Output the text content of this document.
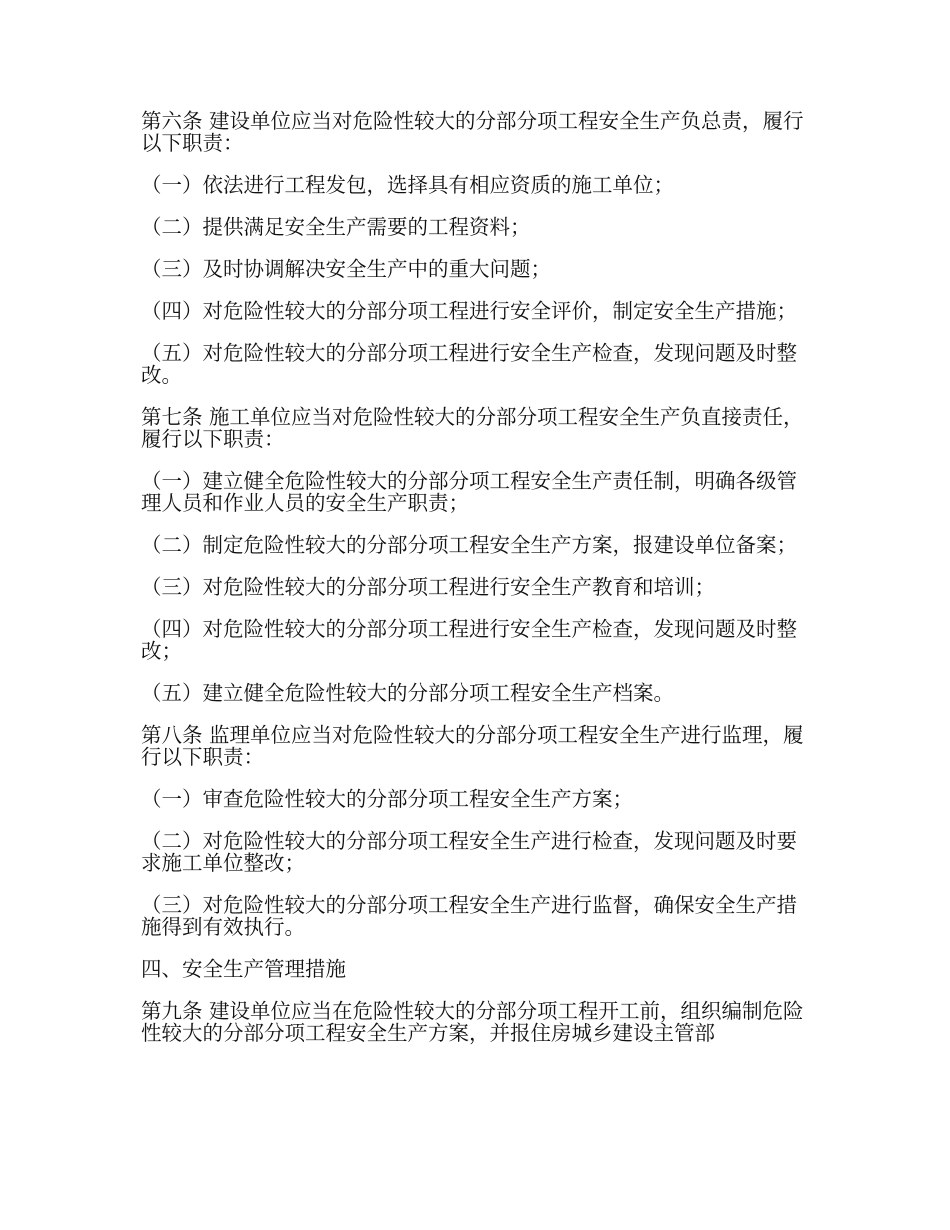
第六条 建设单位应当对危险性较大的分部分项工程安全生产负总责，履行以下职责：

（一）依法进行工程发包，选择具有相应资质的施工单位；

（二）提供满足安全生产需要的工程资料；

（三）及时协调解决安全生产中的重大问题；

（四）对危险性较大的分部分项工程进行安全评价，制定安全生产措施；

（五）对危险性较大的分部分项工程进行安全生产检查，发现问题及时整改。

第七条 施工单位应当对危险性较大的分部分项工程安全生产负直接责任，履行以下职责：

（一）建立健全危险性较大的分部分项工程安全生产责任制，明确各级管理人员和作业人员的安全生产职责；

（二）制定危险性较大的分部分项工程安全生产方案，报建设单位备案；

（三）对危险性较大的分部分项工程进行安全生产教育和培训；

（四）对危险性较大的分部分项工程进行安全生产检查，发现问题及时整改；

（五）建立健全危险性较大的分部分项工程安全生产档案。

第八条 监理单位应当对危险性较大的分部分项工程安全生产进行监理，履行以下职责：

（一）审查危险性较大的分部分项工程安全生产方案；

（二）对危险性较大的分部分项工程安全生产进行检查，发现问题及时要求施工单位整改；

（三）对危险性较大的分部分项工程安全生产进行监督，确保安全生产措施得到有效执行。

四、安全生产管理措施

第九条 建设单位应当在危险性较大的分部分项工程开工前，组织编制危险性较大的分部分项工程安全生产方案，并报住房城乡建设主管部
